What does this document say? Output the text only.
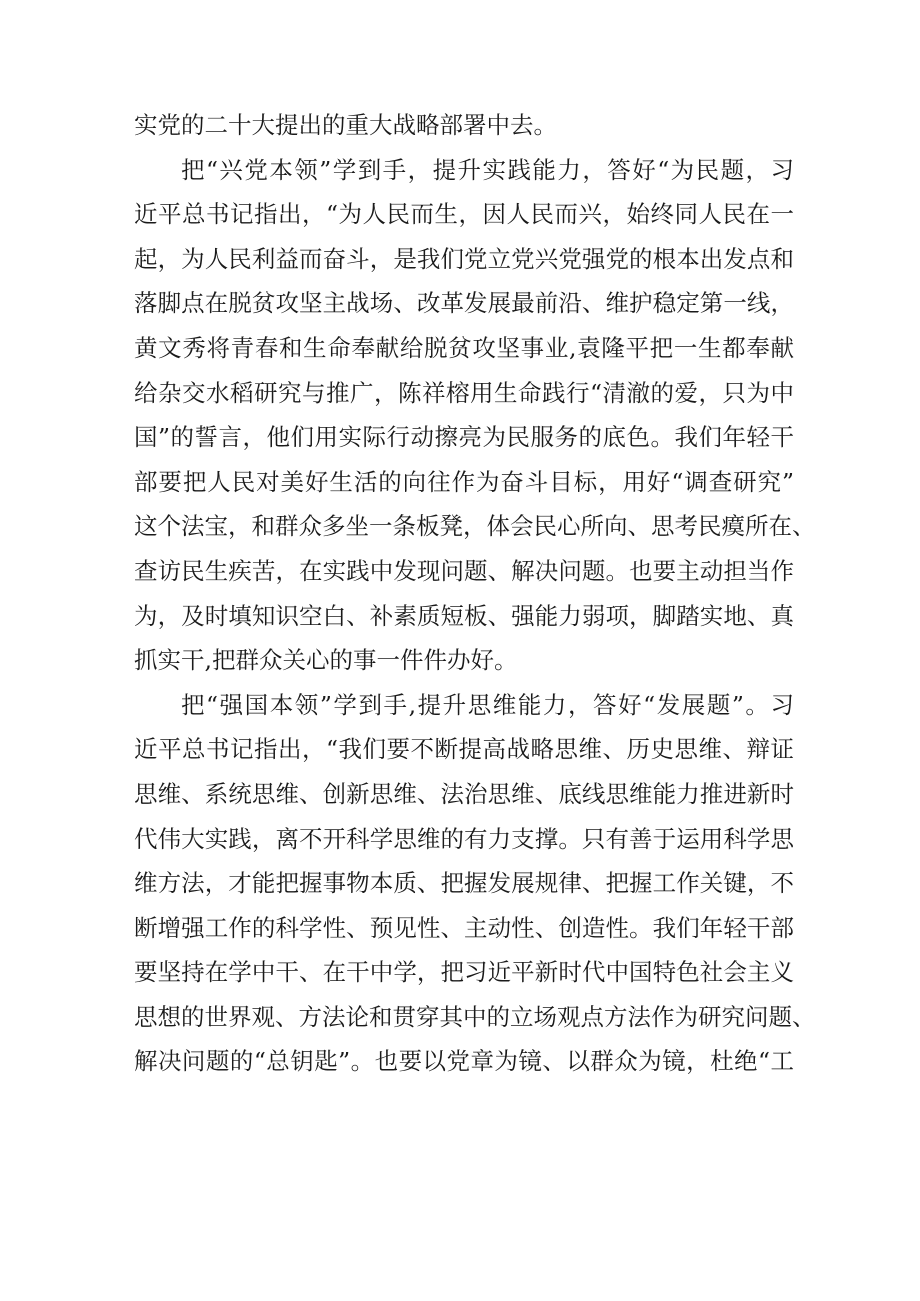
实党的二十大提出的重大战略部署中去。
把“兴党本领”学到手，提升实践能力，答好“为民题，习
近平总书记指出，“为人民而生，因人民而兴，始终同人民在一
起，为人民利益而奋斗，是我们党立党兴党强党的根本出发点和
落脚点在脱贫攻坚主战场、改革发展最前沿、维护稳定第一线，
黄文秀将青春和生命奉献给脱贫攻坚事业,袁隆平把一生都奉献
给杂交水稻研究与推广，陈祥榕用生命践行“清澈的爱，只为中
国”的誓言，他们用实际行动擦亮为民服务的底色。我们年轻干
部要把人民对美好生活的向往作为奋斗目标，用好“调查研究”
这个法宝，和群众多坐一条板凳，体会民心所向、思考民瘼所在、
查访民生疾苦，在实践中发现问题、解决问题。也要主动担当作
为，及时填知识空白、补素质短板、强能力弱项，脚踏实地、真
抓实干,把群众关心的事一件件办好。
把“强国本领”学到手,提升思维能力，答好“发展题”。习
近平总书记指出，“我们要不断提高战略思维、历史思维、辩证
思维、系统思维、创新思维、法治思维、底线思维能力推进新时
代伟大实践，离不开科学思维的有力支撑。只有善于运用科学思
维方法，才能把握事物本质、把握发展规律、把握工作关键，不
断增强工作的科学性、预见性、主动性、创造性。我们年轻干部
要坚持在学中干、在干中学，把习近平新时代中国特色社会主义
思想的世界观、方法论和贯穿其中的立场观点方法作为研究问题、
解决问题的“总钥匙”。也要以党章为镜、以群众为镜，杜绝“工
